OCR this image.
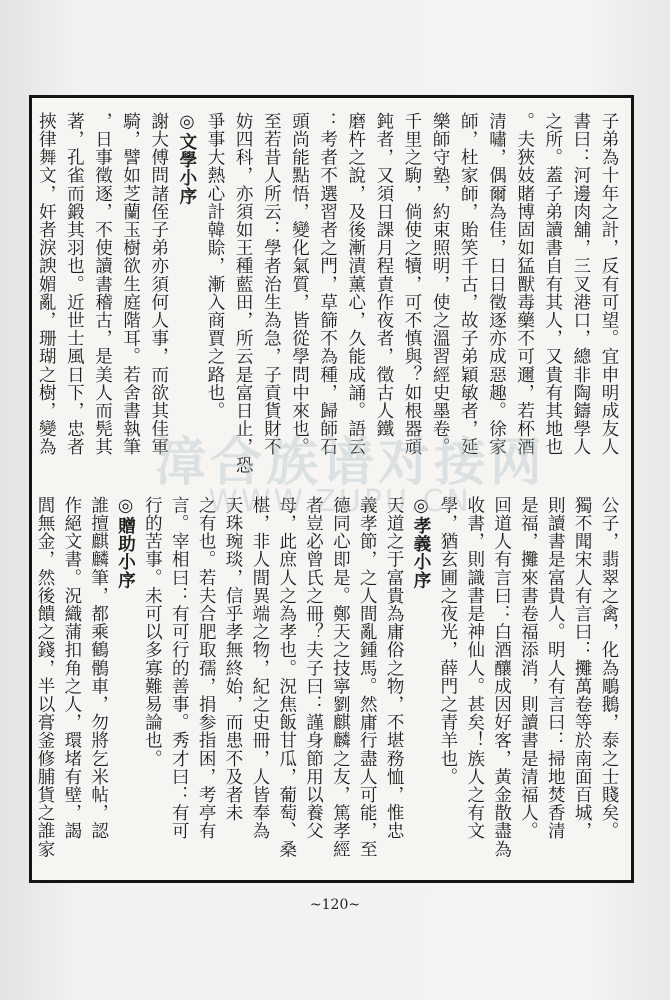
子弟為十年之計，反有可望。宜申明成友人
書曰：河邊肉舖，三叉港口，總非陶鑄學人
之所。蓋子弟讀書自有其人，又貴有其地也
。夫狹妓賭博固如猛獸毒藥不可邇，若杯酒
清嘯，偶爾為佳，日日徵逐亦成惡趣。徐家
師，杜家師，貽笑千古，故子弟穎敏者，延
樂師守塾，約束照明，使之溫習經史墨卷。
千里之駒，倘使之犢，可不慎與？如根器頑
鈍者，又須日課月程責作夜者，徵古人鐵
磨杵之說，及後漸漬薰心，久能成誦。語云
：考者不選習者之門，草篩不為種，歸師石
頭尚能點悟，變化氣質，皆從學問中來也。
至若昔人所云：學者治生為急，子貢貨財不
妨四科，亦須如王種藍田，所云是富日止，恐
爭事大熱心計韓賒，漸入商賈之路也。
◎文學小序
謝大傅問諸侄子弟亦須何人事，而欲其佳軍
騎，譬如芝蘭玉樹欲生庭階耳。若舍書執筆
，日事徵逐，不使讀書稽古，是美人而髡其
著，孔雀而鍛其羽也。近世士風日下，忠者
挾律舞文，奸者淚諛媚亂，珊瑚之樹，變為
公子，翡翠之禽，化為鵰鵝，泰之士賤矣。
獨不聞宋人有言曰：攤萬卷等於南面百城，
則讀書是富貴人。明人有言曰：掃地焚香清
是福，攤來書卷福添消，則讀書是清福人。
回道人有言曰：白酒釀成因好客，黃金散盡為
收書，則識書是神仙人。甚矣！族人之有文
學，猶玄圃之夜光，薛門之青羊也。
◎孝義小序
天道之于富貴為庸俗之物，不堪務恤，惟忠
義孝節，之人間亂鍾馬。然庸行盡人可能，至
德同心即是。鄭天之技寧劉麒麟之友，篤孝經
者豈必曾氏之冊？夫子曰：謹身節用以養父
母，此庶人之為孝也。況焦飯甘瓜，葡萄、桑
椹，非人間異端之物，紀之史冊，人皆奉為
天珠琬琰，信乎孝無終始，而患不及者未
之有也。若夫合肥取孺，捐参指困，考亭有
言。宰相曰：有可行的善事。秀才曰：有可
行的苦事。未可以多寡難易論也。
◎贈助小序
誰擅麒麟筆，都乘鶴鶻車，勿將乞米帖，認
作絕文書。況織蒲扣角之人，環堵有壁，謁
閭無金，然後饋之錢，半以膏釜修脯貨之誰家
漳合族谱对接网
WWW.ZUPU.CN
~120~
